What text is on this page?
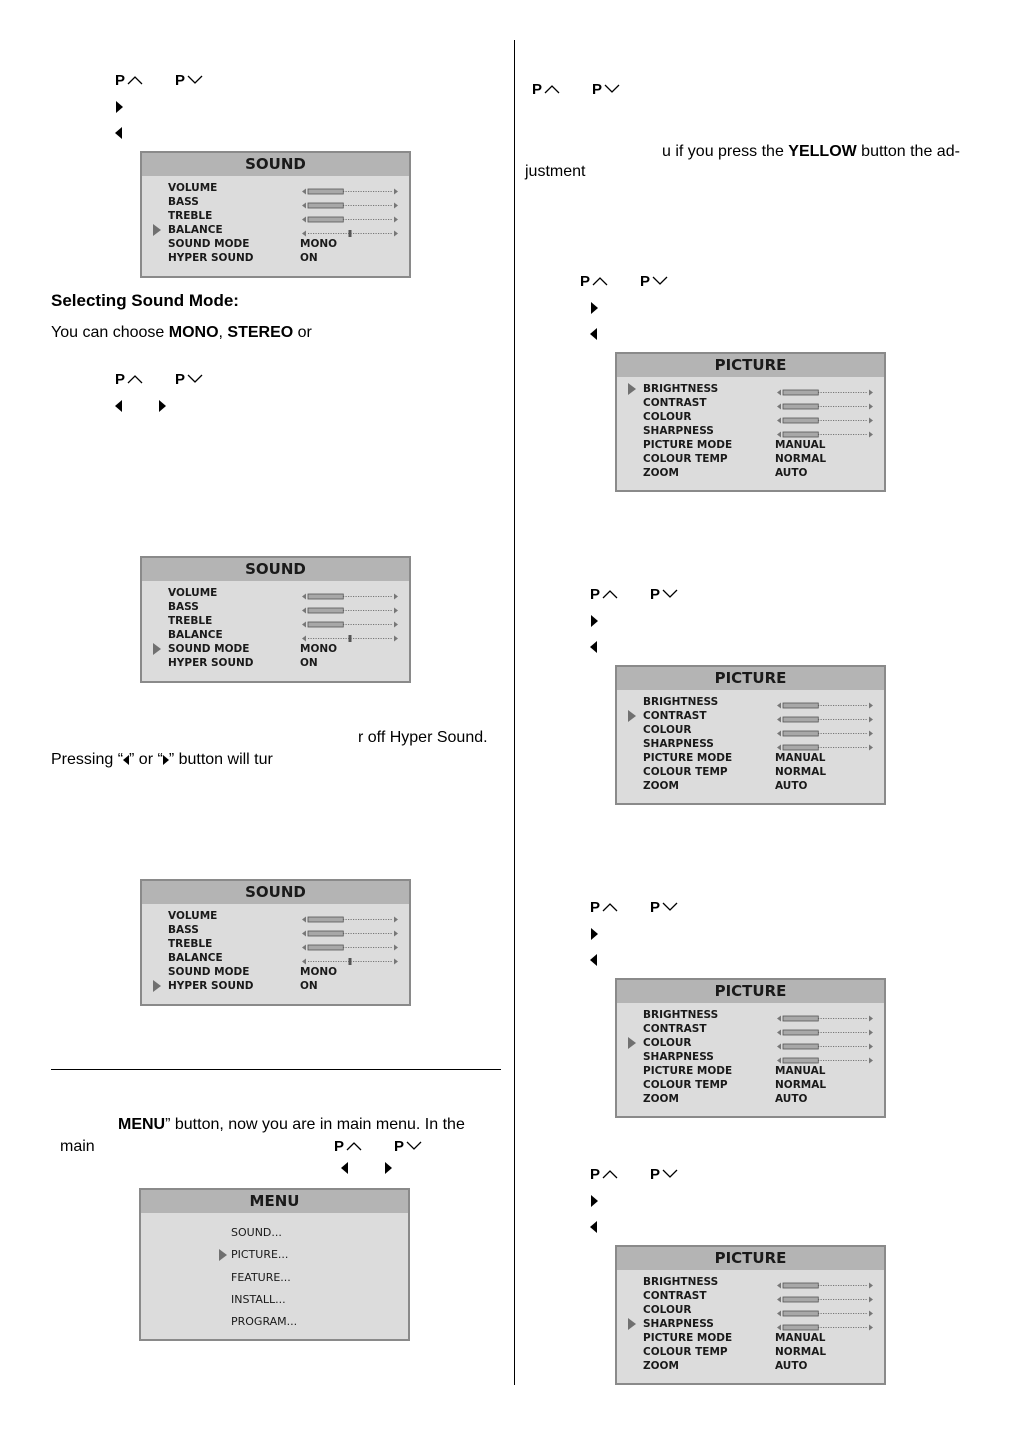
P	P
SOUND
VOLUME
BASS
TREBLE
BALANCE
SOUND MODE	MONO
HYPER SOUND	ON
Selecting Sound Mode:
You can choose MONO, STEREO or
P	P
SOUND
VOLUME
BASS
TREBLE
BALANCE
SOUND MODE	MONO
HYPER SOUND	ON
r off Hyper Sound.
Pressing “ ” or “ ” button will tur
SOUND
VOLUME
BASS
TREBLE
BALANCE
SOUND MODE	MONO
HYPER SOUND	ON
MENU” button, now you are in main menu. In the
main	P	P
MENU
SOUND...
PICTURE...
FEATURE...
INSTALL...
PROGRAM...
P	P
u if you press the YELLOW button the ad-
justment
P	P
PICTURE
BRIGHTNESS
CONTRAST
COLOUR
SHARPNESS
PICTURE MODE	MANUAL
COLOUR TEMP	NORMAL
ZOOM	AUTO
P	P
PICTURE
BRIGHTNESS
CONTRAST
COLOUR
SHARPNESS
PICTURE MODE	MANUAL
COLOUR TEMP	NORMAL
ZOOM	AUTO
P	P
PICTURE
BRIGHTNESS
CONTRAST
COLOUR
SHARPNESS
PICTURE MODE	MANUAL
COLOUR TEMP	NORMAL
ZOOM	AUTO
P	P
PICTURE
BRIGHTNESS
CONTRAST
COLOUR
SHARPNESS
PICTURE MODE	MANUAL
COLOUR TEMP	NORMAL
ZOOM	AUTO
